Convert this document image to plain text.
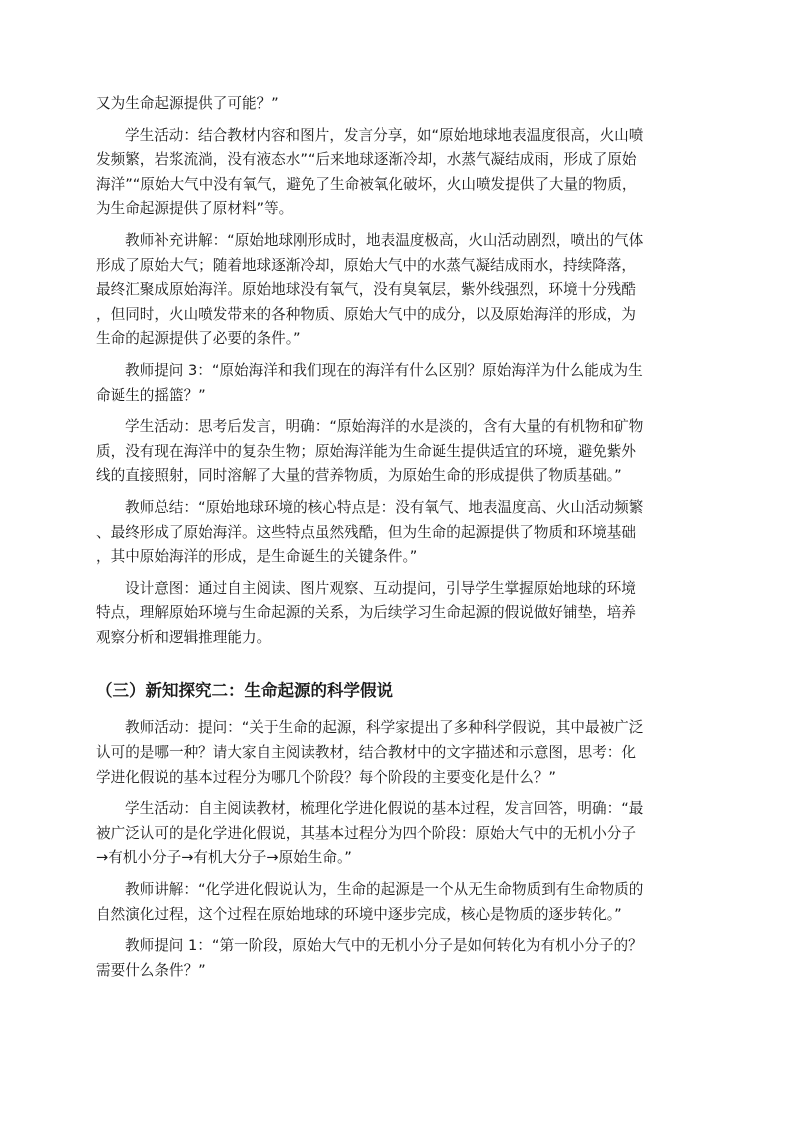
又为生命起源提供了可能？”
学生活动：结合教材内容和图片，发言分享，如“原始地球地表温度很高，火山喷
发频繁，岩浆流淌，没有液态水”“后来地球逐渐冷却，水蒸气凝结成雨，形成了原始
海洋”“原始大气中没有氧气，避免了生命被氧化破坏，火山喷发提供了大量的物质，
为生命起源提供了原材料”等。
教师补充讲解：“原始地球刚形成时，地表温度极高，火山活动剧烈，喷出的气体
形成了原始大气；随着地球逐渐冷却，原始大气中的水蒸气凝结成雨水，持续降落，
最终汇聚成原始海洋。原始地球没有氧气，没有臭氧层，紫外线强烈，环境十分残酷
，但同时，火山喷发带来的各种物质、原始大气中的成分，以及原始海洋的形成，为
生命的起源提供了必要的条件。”
教师提问 3：“原始海洋和我们现在的海洋有什么区别？原始海洋为什么能成为生
命诞生的摇篮？”
学生活动：思考后发言，明确：“原始海洋的水是淡的，含有大量的有机物和矿物
质，没有现在海洋中的复杂生物；原始海洋能为生命诞生提供适宜的环境，避免紫外
线的直接照射，同时溶解了大量的营养物质，为原始生命的形成提供了物质基础。”
教师总结：“原始地球环境的核心特点是：没有氧气、地表温度高、火山活动频繁
、最终形成了原始海洋。这些特点虽然残酷，但为生命的起源提供了物质和环境基础
，其中原始海洋的形成，是生命诞生的关键条件。”
设计意图：通过自主阅读、图片观察、互动提问，引导学生掌握原始地球的环境
特点，理解原始环境与生命起源的关系，为后续学习生命起源的假说做好铺垫，培养
观察分析和逻辑推理能力。
（三）新知探究二：生命起源的科学假说
教师活动：提问：“关于生命的起源，科学家提出了多种科学假说，其中最被广泛
认可的是哪一种？请大家自主阅读教材，结合教材中的文字描述和示意图，思考：化
学进化假说的基本过程分为哪几个阶段？每个阶段的主要变化是什么？”
学生活动：自主阅读教材，梳理化学进化假说的基本过程，发言回答，明确：“最
被广泛认可的是化学进化假说，其基本过程分为四个阶段：原始大气中的无机小分子
→有机小分子→有机大分子→原始生命。”
教师讲解：“化学进化假说认为，生命的起源是一个从无生命物质到有生命物质的
自然演化过程，这个过程在原始地球的环境中逐步完成，核心是物质的逐步转化。”
教师提问 1：“第一阶段，原始大气中的无机小分子是如何转化为有机小分子的？
需要什么条件？”
